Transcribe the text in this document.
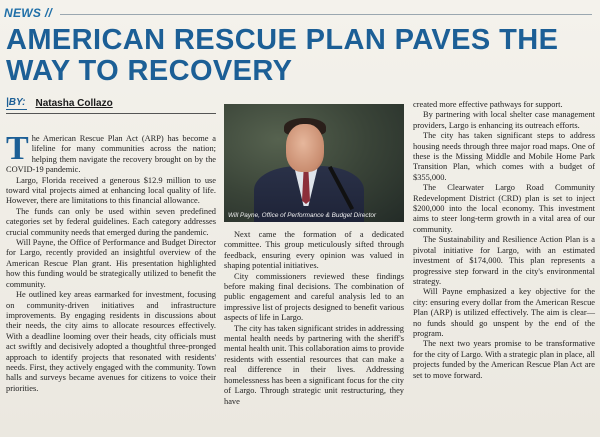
NEWS //
AMERICAN RESCUE PLAN PAVES THE WAY TO RECOVERY
|BY: Natasha Collazo

The American Rescue Plan Act (ARP) has become a lifeline for many communities across the nation; helping them navigate the recovery brought on by the COVID-19 pandemic.

Largo, Florida received a generous $12.9 million to use toward vital projects aimed at enhancing local quality of life. However, there are limitations to this financial allowance.

The funds can only be used within seven predefined categories set by federal guidelines. Each category addresses crucial community needs that emerged during the pandemic.

Will Payne, the Office of Performance and Budget Director for Largo, recently provided an insightful overview of the American Rescue Plan grant. His presentation highlighted how this funding would be strategically utilized to benefit the community.

He outlined key areas earmarked for investment, focusing on community-driven initiatives and infrastructure improvements. By engaging residents in discussions about their needs, the city aims to allocate resources effectively. With a deadline looming over their heads, city officials must act swiftly and decisively adopted a thoughtful three-pronged approach to identify projects that resonated with residents' needs. First, they actively engaged with the community. Town halls and surveys became avenues for citizens to voice their priorities.

Will Payne, Office of Performance & Budget Director

Next came the formation of a dedicated committee. This group meticulously sifted through feedback, ensuring every opinion was valued in shaping potential initiatives.

City commissioners reviewed these findings before making final decisions. The combination of public engagement and careful analysis led to an impressive list of projects designed to benefit various aspects of life in Largo.

The city has taken significant strides in addressing mental health needs by partnering with the sheriff's mental health unit. This collaboration aims to provide residents with essential resources that can make a real difference in their lives. Addressing homelessness has been a significant focus for the city of Largo. Through strategic unit restructuring, they have

created more effective pathways for support.

By partnering with local shelter case management providers, Largo is enhancing its outreach efforts.

The city has taken significant steps to address housing needs through three major road maps. One of these is the Missing Middle and Mobile Home Park Transition Plan, which comes with a budget of $355,000.

The Clearwater Largo Road Community Redevelopment District (CRD) plan is set to inject $200,000 into the local economy. This investment aims to steer long-term growth in a vital area of our community.

The Sustainability and Resilience Action Plan is a pivotal initiative for Largo, with an estimated investment of $174,000. This plan represents a progressive step forward in the city's environmental strategy.

Will Payne emphasized a key objective for the city: ensuring every dollar from the American Rescue Plan (ARP) is utilized effectively. The aim is clear—no funds should go unspent by the end of the program.

The next two years promise to be transformative for the city of Largo. With a strategic plan in place, all projects funded by the American Rescue Plan Act are set to move forward.
